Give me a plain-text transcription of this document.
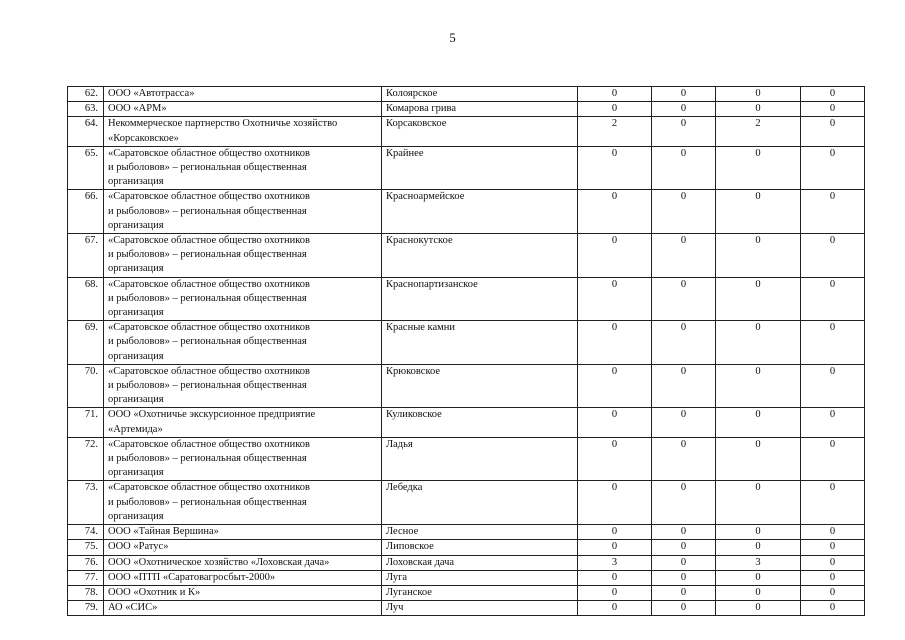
5
62.	ООО «Автотрасса»	Колоярское	0	0	0	0
63.	ООО «АРМ»	Комарова грива	0	0	0	0
64.	Некоммерческое партнерство Охотничье хозяйство
«Корсаковское»	Корсаковское	2	0	2	0
65.	«Саратовское областное общество охотников
и рыболовов» – региональная общественная
организация	Крайнее	0	0	0	0
66.	«Саратовское областное общество охотников
и рыболовов» – региональная общественная
организация	Красноармейское	0	0	0	0
67.	«Саратовское областное общество охотников
и рыболовов» – региональная общественная
организация	Краснокутское	0	0	0	0
68.	«Саратовское областное общество охотников
и рыболовов» – региональная общественная
организация	Краснопартизанское	0	0	0	0
69.	«Саратовское областное общество охотников
и рыболовов» – региональная общественная
организация	Красные камни	0	0	0	0
70.	«Саратовское областное общество охотников
и рыболовов» – региональная общественная
организация	Крюковское	0	0	0	0
71.	ООО «Охотничье экскурсионное предприятие
«Артемида»	Куликовское	0	0	0	0
72.	«Саратовское областное общество охотников
и рыболовов» – региональная общественная
организация	Ладья	0	0	0	0
73.	«Саратовское областное общество охотников
и рыболовов» – региональная общественная
организация	Лебедка	0	0	0	0
74.	ООО «Тайная Вершина»	Лесное	0	0	0	0
75.	ООО «Ратус»	Липовское	0	0	0	0
76.	ООО «Охотническое хозяйство «Лоховская дача»	Лоховская дача	3	0	3	0
77.	ООО «ПТП «Саратовагросбыт-2000»	Луга	0	0	0	0
78.	ООО «Охотник и К»	Луганское	0	0	0	0
79.	АО «СИС»	Луч	0	0	0	0
